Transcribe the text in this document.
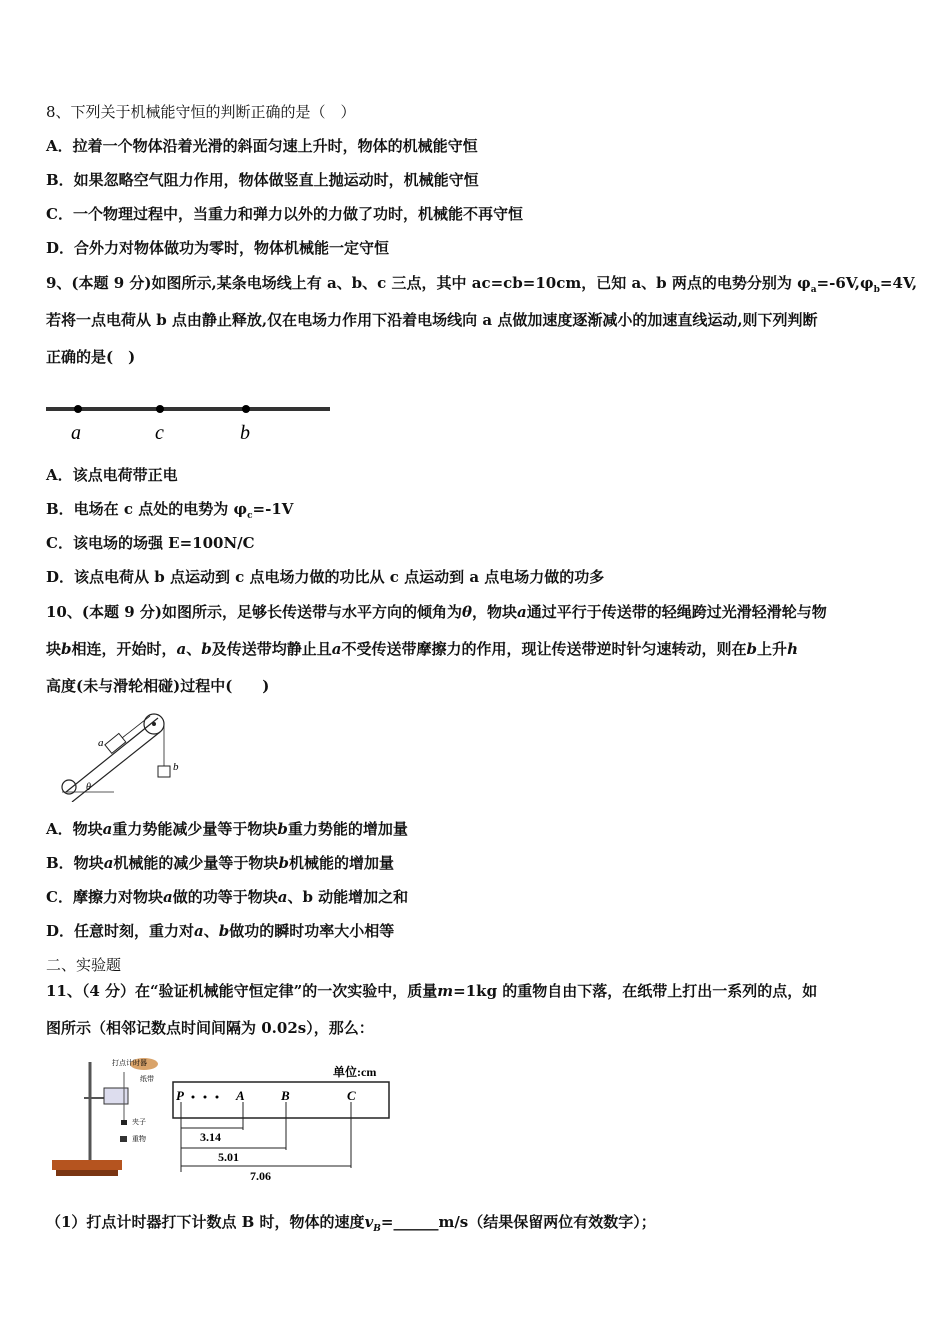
8、下列关于机械能守恒的判断正确的是（　）
A．拉着一个物体沿着光滑的斜面匀速上升时，物体的机械能守恒
B．如果忽略空气阻力作用，物体做竖直上抛运动时，机械能守恒
C．一个物理过程中，当重力和弹力以外的力做了功时，机械能不再守恒
D．合外力对物体做功为零时，物体机械能一定守恒
9、(本题 9 分)如图所示,某条电场线上有 a、b、c 三点，其中 ac=cb=10cm，已知 a、b 两点的电势分别为 $\varphi_a=-6V,\varphi_b=4V$,
若将一点电荷从 b 点由静止释放,仅在电场力作用下沿着电场线向 a 点做加速度逐渐减小的加速直线运动,则下列判断
正确的是(　)
a	c	b
A．该点电荷带正电
B．电场在 c 点处的电势为 $\varphi_c=-1V$
C．该电场的场强 E=100N/C
D．该点电荷从 b 点运动到 c 点电场力做的功比从 c 点运动到 a 点电场力做的功多
10、(本题 9 分)如图所示，足够长传送带与水平方向的倾角为θ，物块a通过平行于传送带的轻绳跨过光滑轻滑轮与物
块b相连，开始时，a、b及传送带均静止且a不受传送带摩擦力的作用，现让传送带逆时针匀速转动，则在b上升h
高度(未与滑轮相碰)过程中(　　)
a
b
θ
A．物块a重力势能减少量等于物块b重力势能的增加量
B．物块a机械能的减少量等于物块b机械能的增加量
C．摩擦力对物块a做的功等于物块a、b 动能增加之和
D．任意时刻，重力对a、b做功的瞬时功率大小相等
二、实验题
11、（4 分）在“验证机械能守恒定律”的一次实验中，质量m=1kg 的重物自由下落，在纸带上打出一系列的点，如
图所示（相邻记数点时间间隔为 0.02s），那么：
打点计时器
纸带
夹子
重物
单位:cm
P	A	B	C
3.14
5.01
7.06
（1）打点计时器打下计数点 B 时，物体的速度$v_B=\_\_\_\_\_\_m/s$（结果保留两位有效数字）；
